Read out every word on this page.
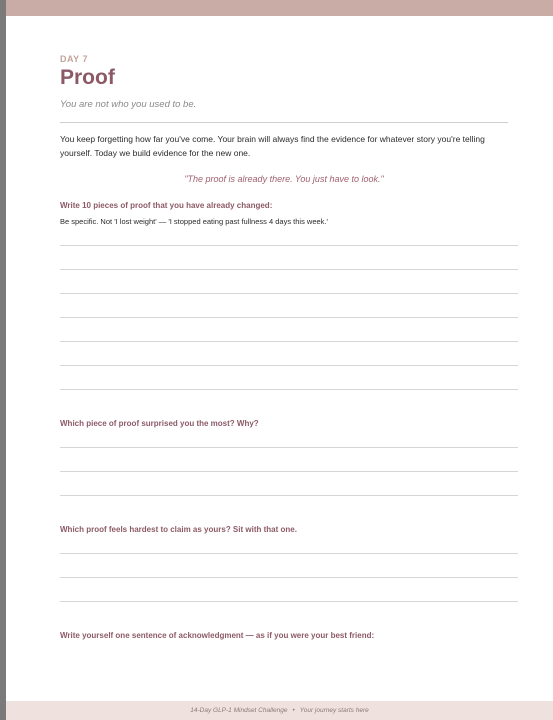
DAY 7
Proof
You are not who you used to be.
You keep forgetting how far you've come. Your brain will always find the evidence for whatever story you're telling yourself. Today we build evidence for the new one.
"The proof is already there. You just have to look."
Write 10 pieces of proof that you have already changed:
Be specific. Not 'I lost weight' — 'I stopped eating past fullness 4 days this week.'
Which piece of proof surprised you the most? Why?
Which proof feels hardest to claim as yours? Sit with that one.
Write yourself one sentence of acknowledgment — as if you were your best friend:
14-Day GLP-1 Mindset Challenge • Your journey starts here
